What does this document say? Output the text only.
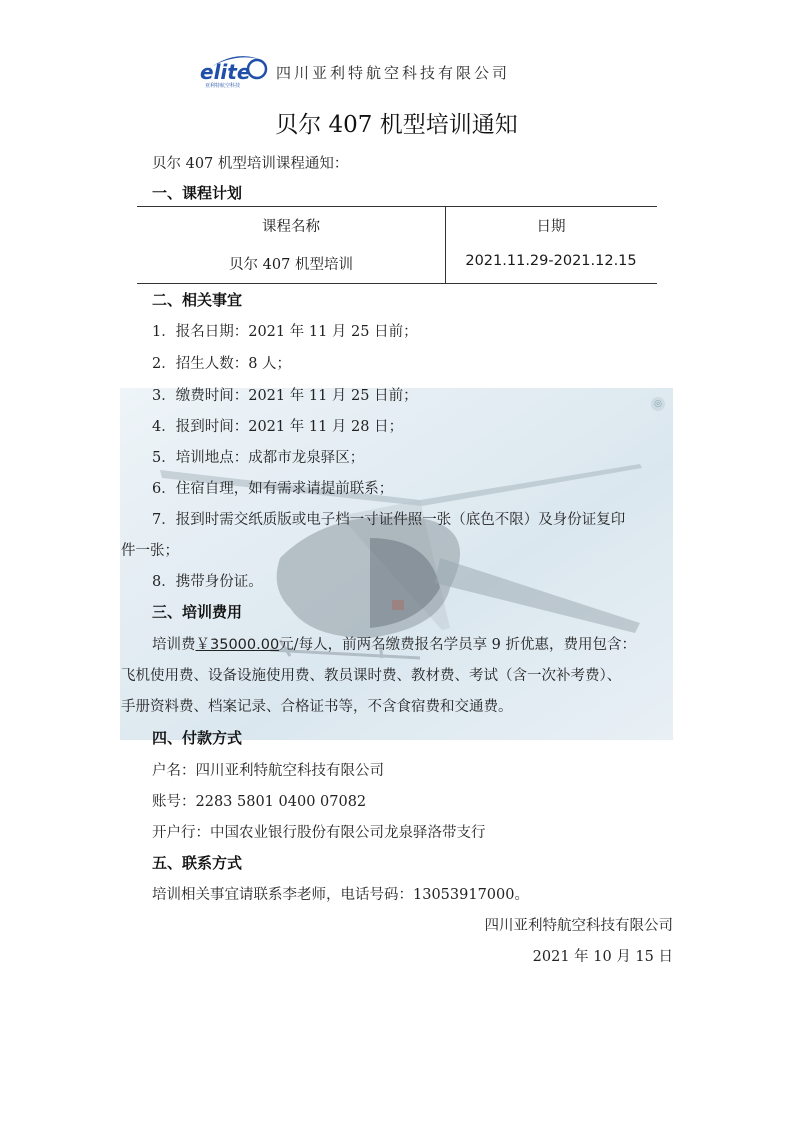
elite
亚利特航空科技
四川亚利特航空科技有限公司
贝尔 407 机型培训通知
◎
贝尔 407 机型培训课程通知：
一、课程计划
课程名称	日期
贝尔 407 机型培训	2021.11.29-2021.12.15
二、相关事宜
1．报名日期：2021 年 11 月 25 日前；
2．招生人数：8 人；
3．缴费时间：2021 年 11 月 25 日前；
4．报到时间：2021 年 11 月 28 日；
5．培训地点：成都市龙泉驿区；
6．住宿自理，如有需求请提前联系；
7．报到时需交纸质版或电子档一寸证件照一张（底色不限）及身份证复印
件一张；
8．携带身份证。
三、培训费用
培训费￥35000.00元/每人，前两名缴费报名学员享 9 折优惠，费用包含：
飞机使用费、设备设施使用费、教员课时费、教材费、考试（含一次补考费）、
手册资料费、档案记录、合格证书等，不含食宿费和交通费。
四、付款方式
户名：四川亚利特航空科技有限公司
账号：2283 5801 0400 07082
开户行：中国农业银行股份有限公司龙泉驿洛带支行
五、联系方式
培训相关事宜请联系李老师，电话号码：13053917000。
四川亚利特航空科技有限公司
2021 年 10 月 15 日
